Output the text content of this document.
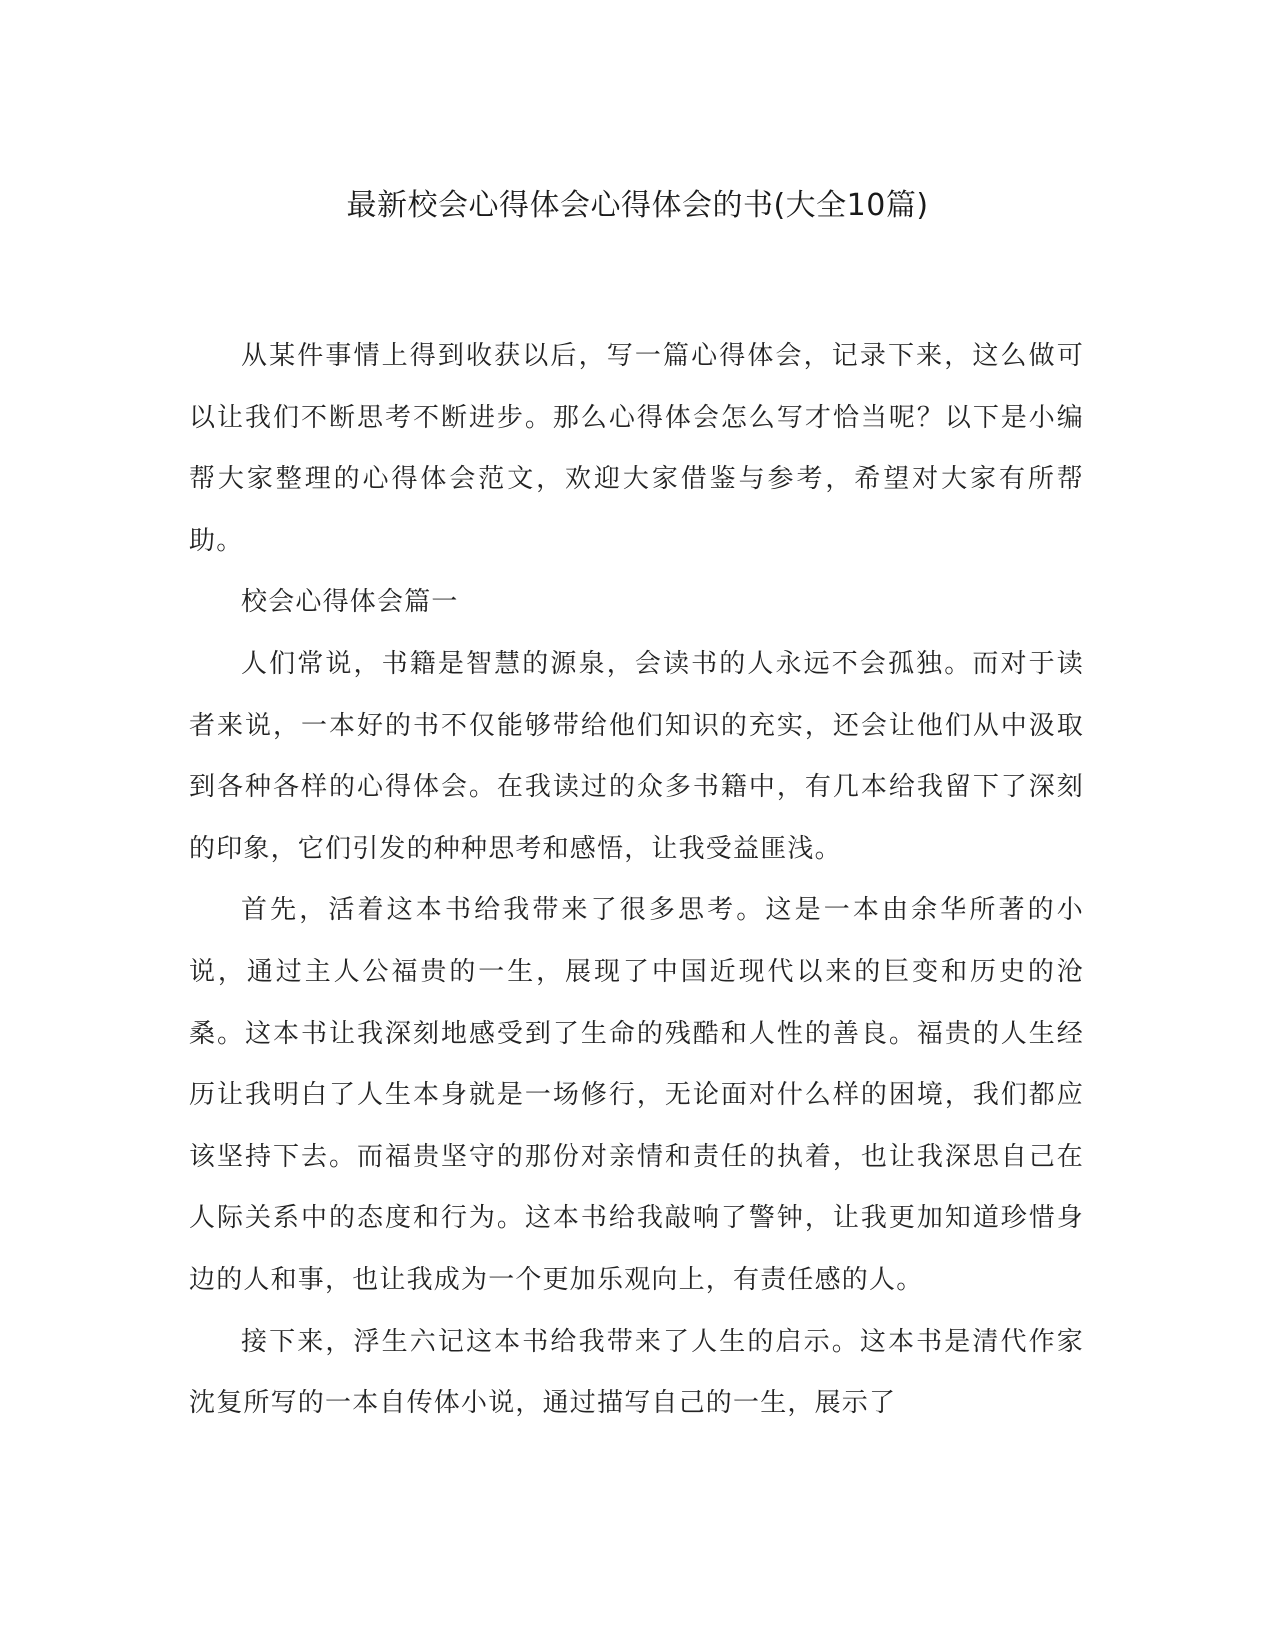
最新校会心得体会心得体会的书(大全10篇)

从某件事情上得到收获以后，写一篇心得体会，记录下来，这么做可以让我们不断思考不断进步。那么心得体会怎么写才恰当呢？以下是小编帮大家整理的心得体会范文，欢迎大家借鉴与参考，希望对大家有所帮助。

校会心得体会篇一

人们常说，书籍是智慧的源泉，会读书的人永远不会孤独。而对于读者来说，一本好的书不仅能够带给他们知识的充实，还会让他们从中汲取到各种各样的心得体会。在我读过的众多书籍中，有几本给我留下了深刻的印象，它们引发的种种思考和感悟，让我受益匪浅。

首先，活着这本书给我带来了很多思考。这是一本由余华所著的小说，通过主人公福贵的一生，展现了中国近现代以来的巨变和历史的沧桑。这本书让我深刻地感受到了生命的残酷和人性的善良。福贵的人生经历让我明白了人生本身就是一场修行，无论面对什么样的困境，我们都应该坚持下去。而福贵坚守的那份对亲情和责任的执着，也让我深思自己在人际关系中的态度和行为。这本书给我敲响了警钟，让我更加知道珍惜身边的人和事，也让我成为一个更加乐观向上，有责任感的人。

接下来，浮生六记这本书给我带来了人生的启示。这本书是清代作家沈复所写的一本自传体小说，通过描写自己的一生，展示了
